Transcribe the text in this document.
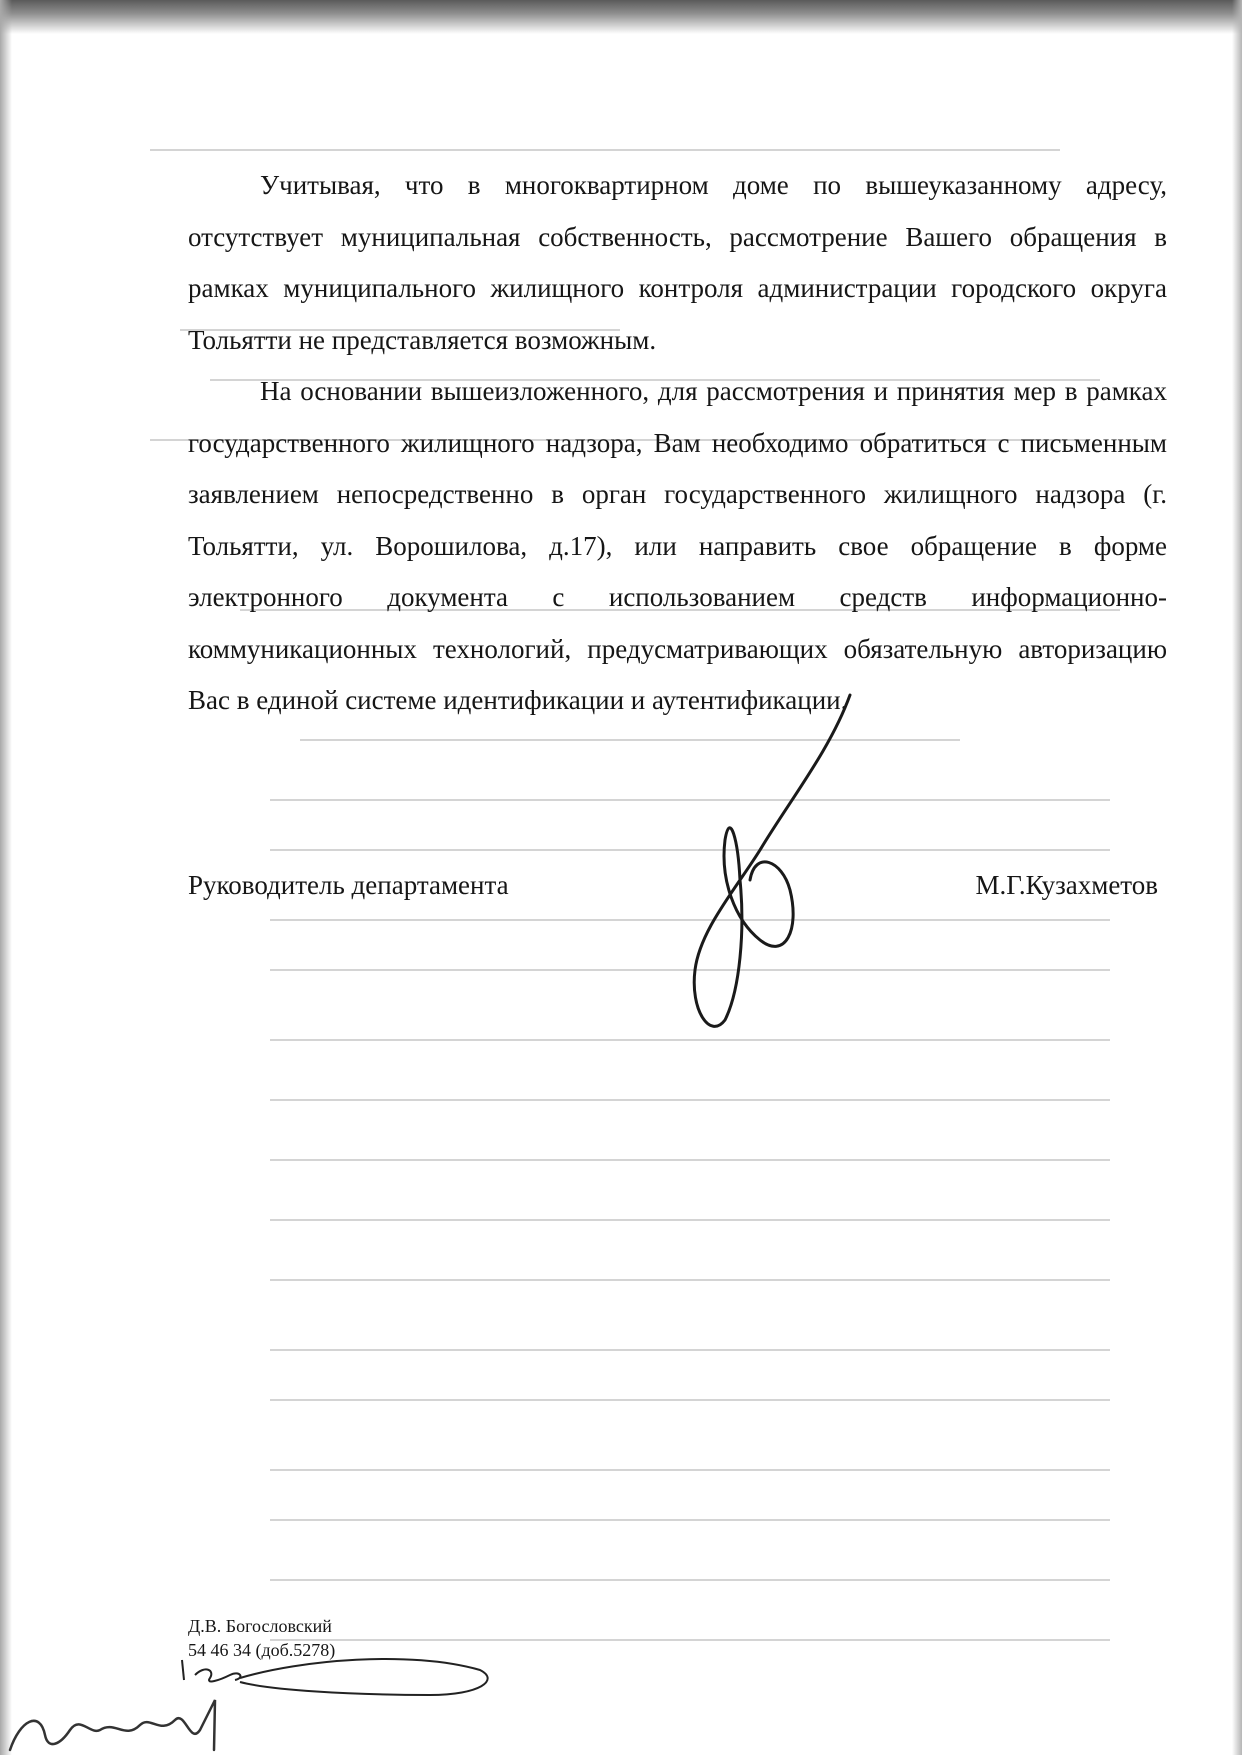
Учитывая, что в многоквартирном доме по вышеуказанному адресу, отсутствует муниципальная собственность, рассмотрение Вашего обращения в рамках муниципального жилищного контроля администрации городского округа Тольятти не представляется возможным.

На основании вышеизложенного, для рассмотрения и принятия мер в рамках государственного жилищного надзора, Вам необходимо обратиться с письменным заявлением непосредственно в орган государственного жилищного надзора (г. Тольятти, ул. Ворошилова, д.17), или направить свое обращение в форме электронного документа с использованием средств информационно-коммуникационных технологий, предусматривающих обязательную авторизацию Вас в единой системе идентификации и аутентификации.

Руководитель департамента	М.Г.Кузахметов
Д.В. Богословский
54 46 34 (доб.5278)
